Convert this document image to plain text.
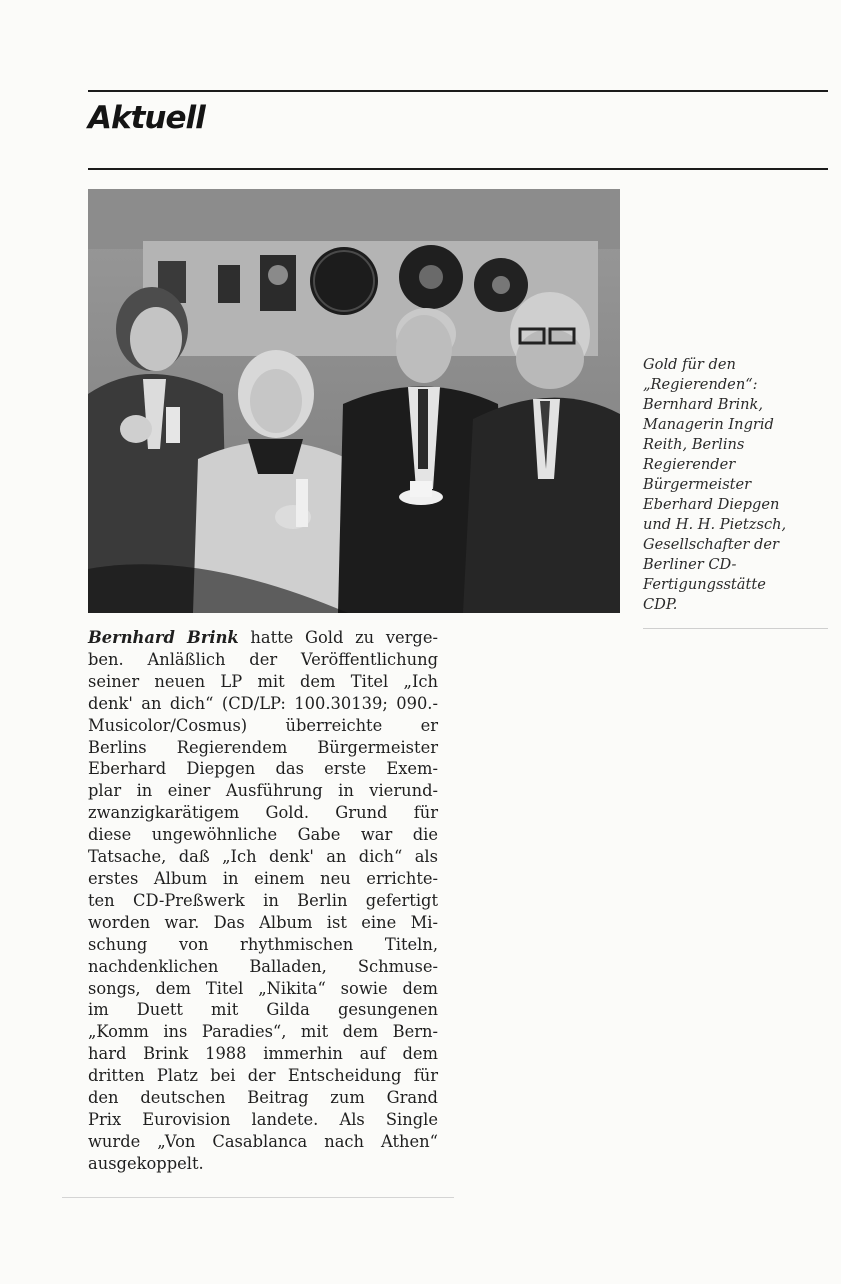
Aktuell
Gold für den
„Regierenden“:
Bernhard Brink,
Managerin Ingrid
Reith, Berlins
Regierender
Bürgermeister
Eberhard Diepgen
und H. H. Pietzsch,
Gesellschafter der
Berliner CD-
Fertigungsstätte
CDP.
Bernhard Brink hatte Gold zu verge-
ben. Anläßlich der Veröffentlichung
seiner neuen LP mit dem Titel „Ich
denk' an dich“ (CD/LP: 100.30139; 090.-
Musicolor/Cosmus) überreichte er
Berlins Regierendem Bürgermeister
Eberhard Diepgen das erste Exem-
plar in einer Ausführung in vierund-
zwanzigkarätigem Gold. Grund für
diese ungewöhnliche Gabe war die
Tatsache, daß „Ich denk' an dich“ als
erstes Album in einem neu errichte-
ten CD-Preßwerk in Berlin gefertigt
worden war. Das Album ist eine Mi-
schung von rhythmischen Titeln,
nachdenklichen Balladen, Schmuse-
songs, dem Titel „Nikita“ sowie dem
im Duett mit Gilda gesungenen
„Komm ins Paradies“, mit dem Bern-
hard Brink 1988 immerhin auf dem
dritten Platz bei der Entscheidung für
den deutschen Beitrag zum Grand
Prix Eurovision landete. Als Single
wurde „Von Casablanca nach Athen“
ausgekoppelt.
